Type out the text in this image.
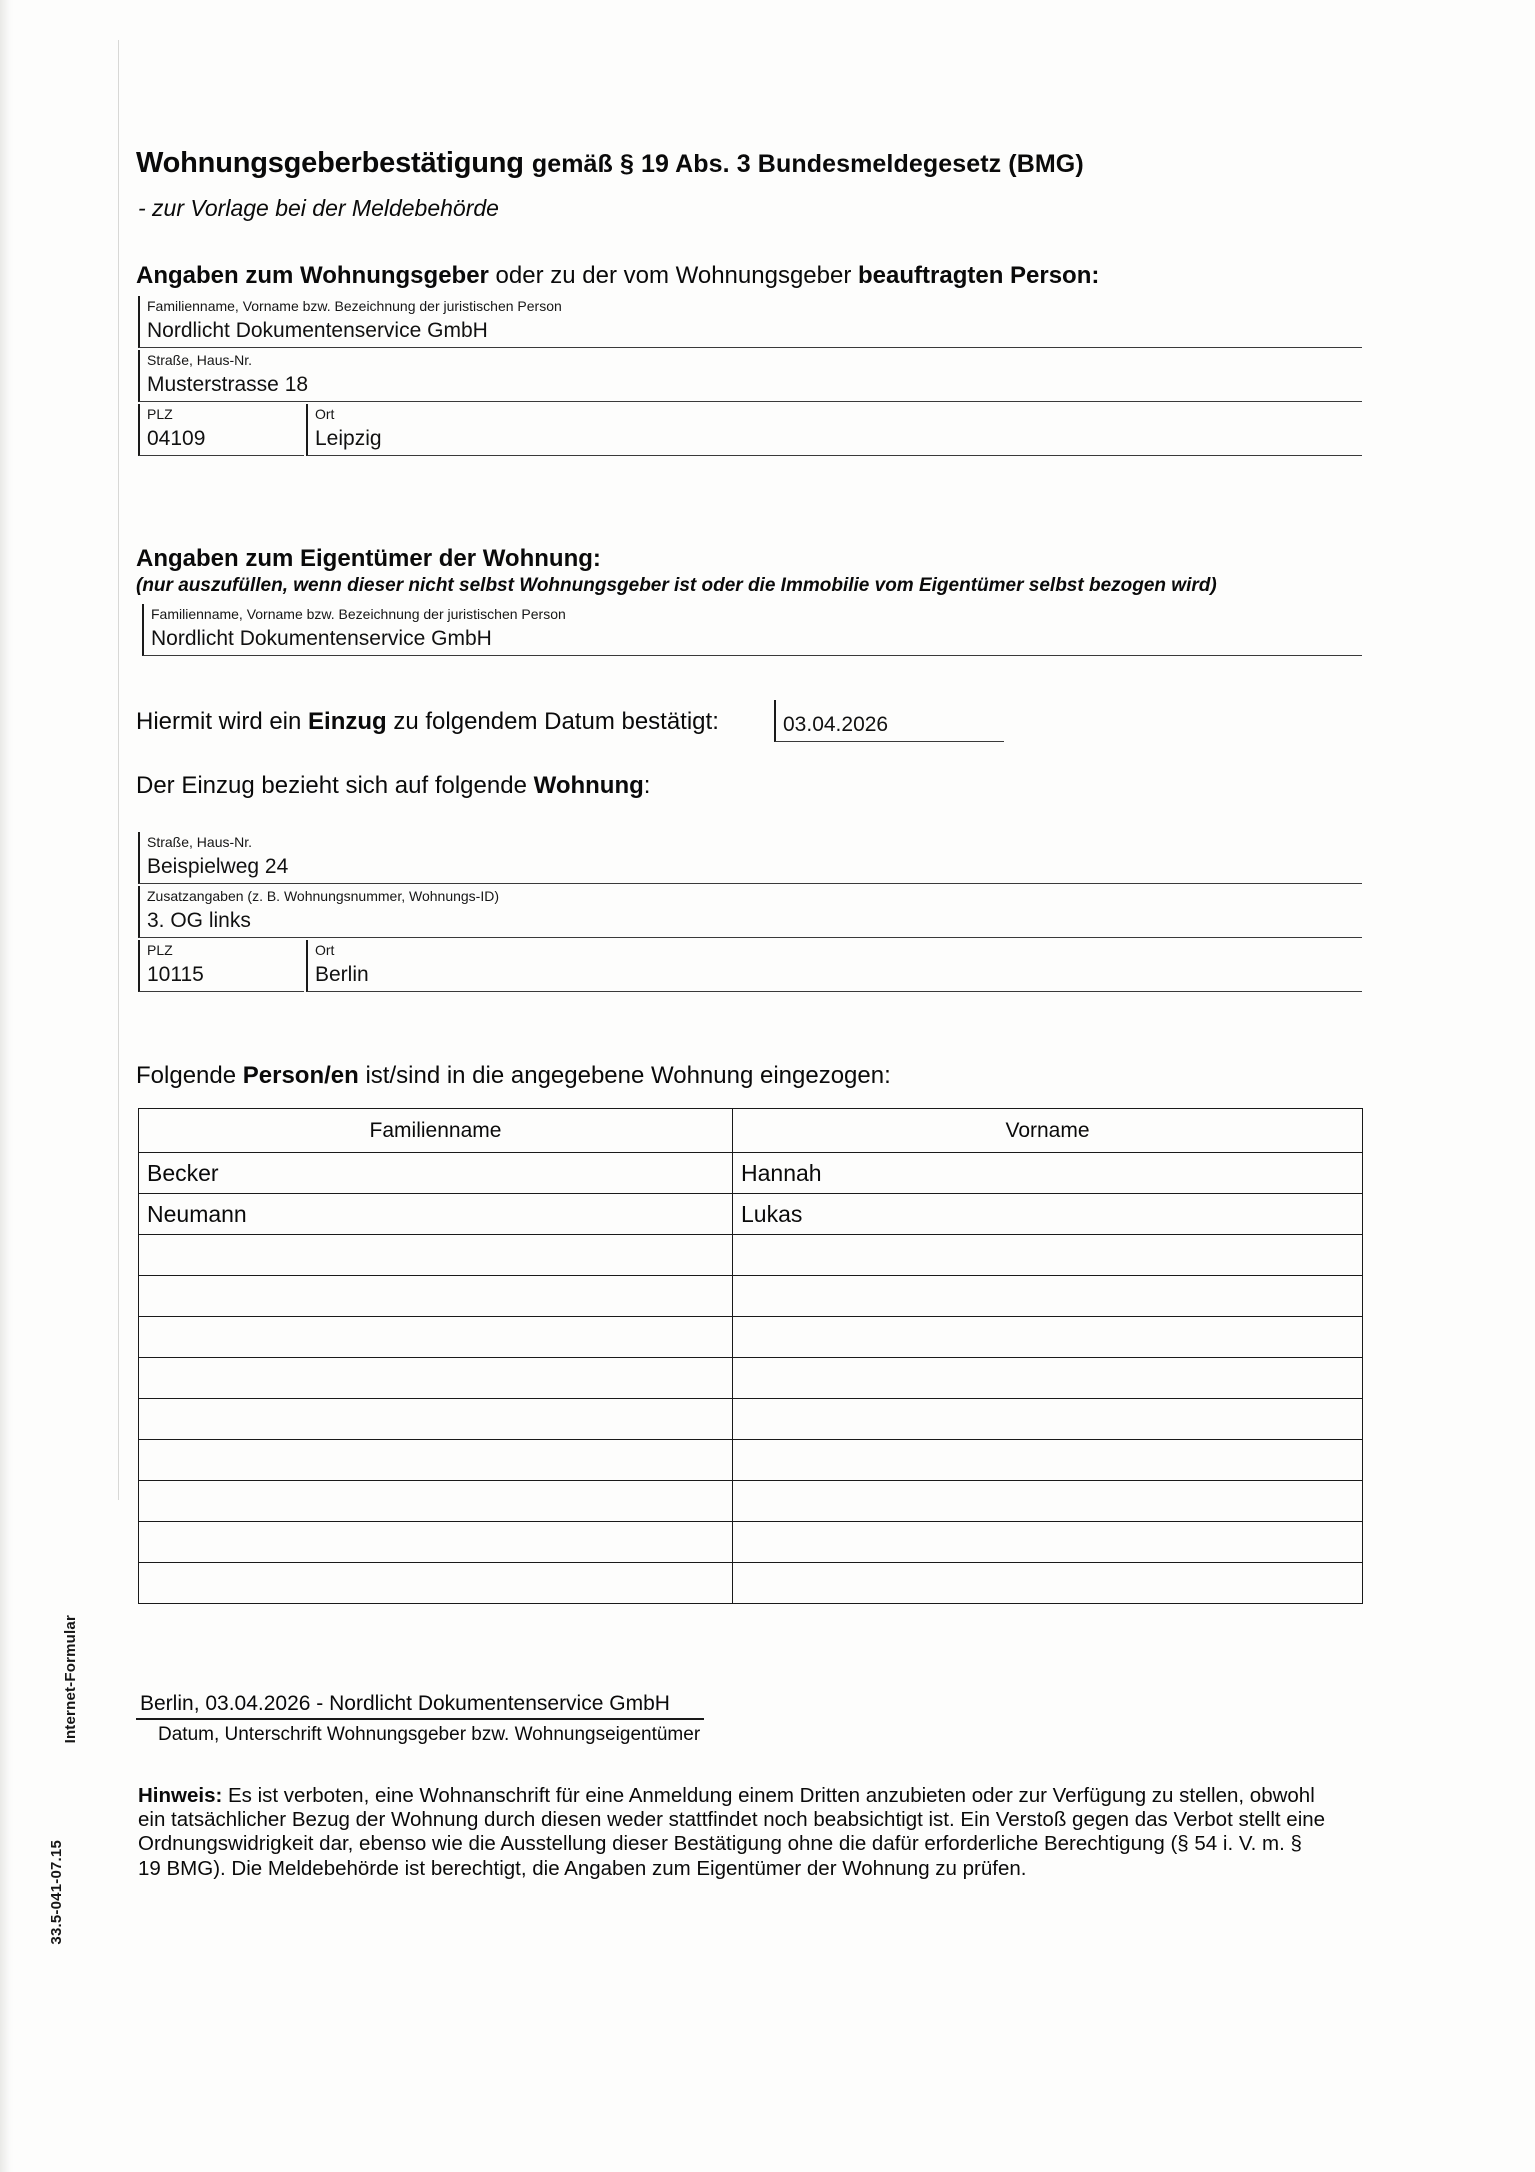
Internet-Formular
33.5-041-07.15
Wohnungsgeberbestätigung gemäß § 19 Abs. 3 Bundesmeldegesetz (BMG)
- zur Vorlage bei der Meldebehörde
Angaben zum Wohnungsgeber oder zu der vom Wohnungsgeber beauftragten Person:
Familienname, Vorname bzw. Bezeichnung der juristischen Person
Nordlicht Dokumentenservice GmbH
Straße, Haus-Nr.
Musterstrasse 18
PLZ
04109
Ort
Leipzig
Angaben zum Eigentümer der Wohnung:
(nur auszufüllen, wenn dieser nicht selbst Wohnungsgeber ist oder die Immobilie vom Eigentümer selbst bezogen wird)
Familienname, Vorname bzw. Bezeichnung der juristischen Person
Nordlicht Dokumentenservice GmbH
Hiermit wird ein Einzug zu folgendem Datum bestätigt:	03.04.2026
Der Einzug bezieht sich auf folgende Wohnung:
Straße, Haus-Nr.
Beispielweg 24
Zusatzangaben (z. B. Wohnungsnummer, Wohnungs-ID)
3. OG links
PLZ
10115
Ort
Berlin
Folgende Person/en ist/sind in die angegebene Wohnung eingezogen:
Familienname	Vorname
Becker	Hannah
Neumann	Lukas

Berlin, 03.04.2026 - Nordlicht Dokumentenservice GmbH
Datum, Unterschrift Wohnungsgeber bzw. Wohnungseigentümer
Hinweis: Es ist verboten, eine Wohnanschrift für eine Anmeldung einem Dritten anzubieten oder zur Verfügung zu stellen, obwohl ein tatsächlicher Bezug der Wohnung durch diesen weder stattfindet noch beabsichtigt ist. Ein Verstoß gegen das Verbot stellt eine Ordnungswidrigkeit dar, ebenso wie die Ausstellung dieser Bestätigung ohne die dafür erforderliche Berechtigung (§ 54 i. V. m. § 19 BMG). Die Meldebehörde ist berechtigt, die Angaben zum Eigentümer der Wohnung zu prüfen.
